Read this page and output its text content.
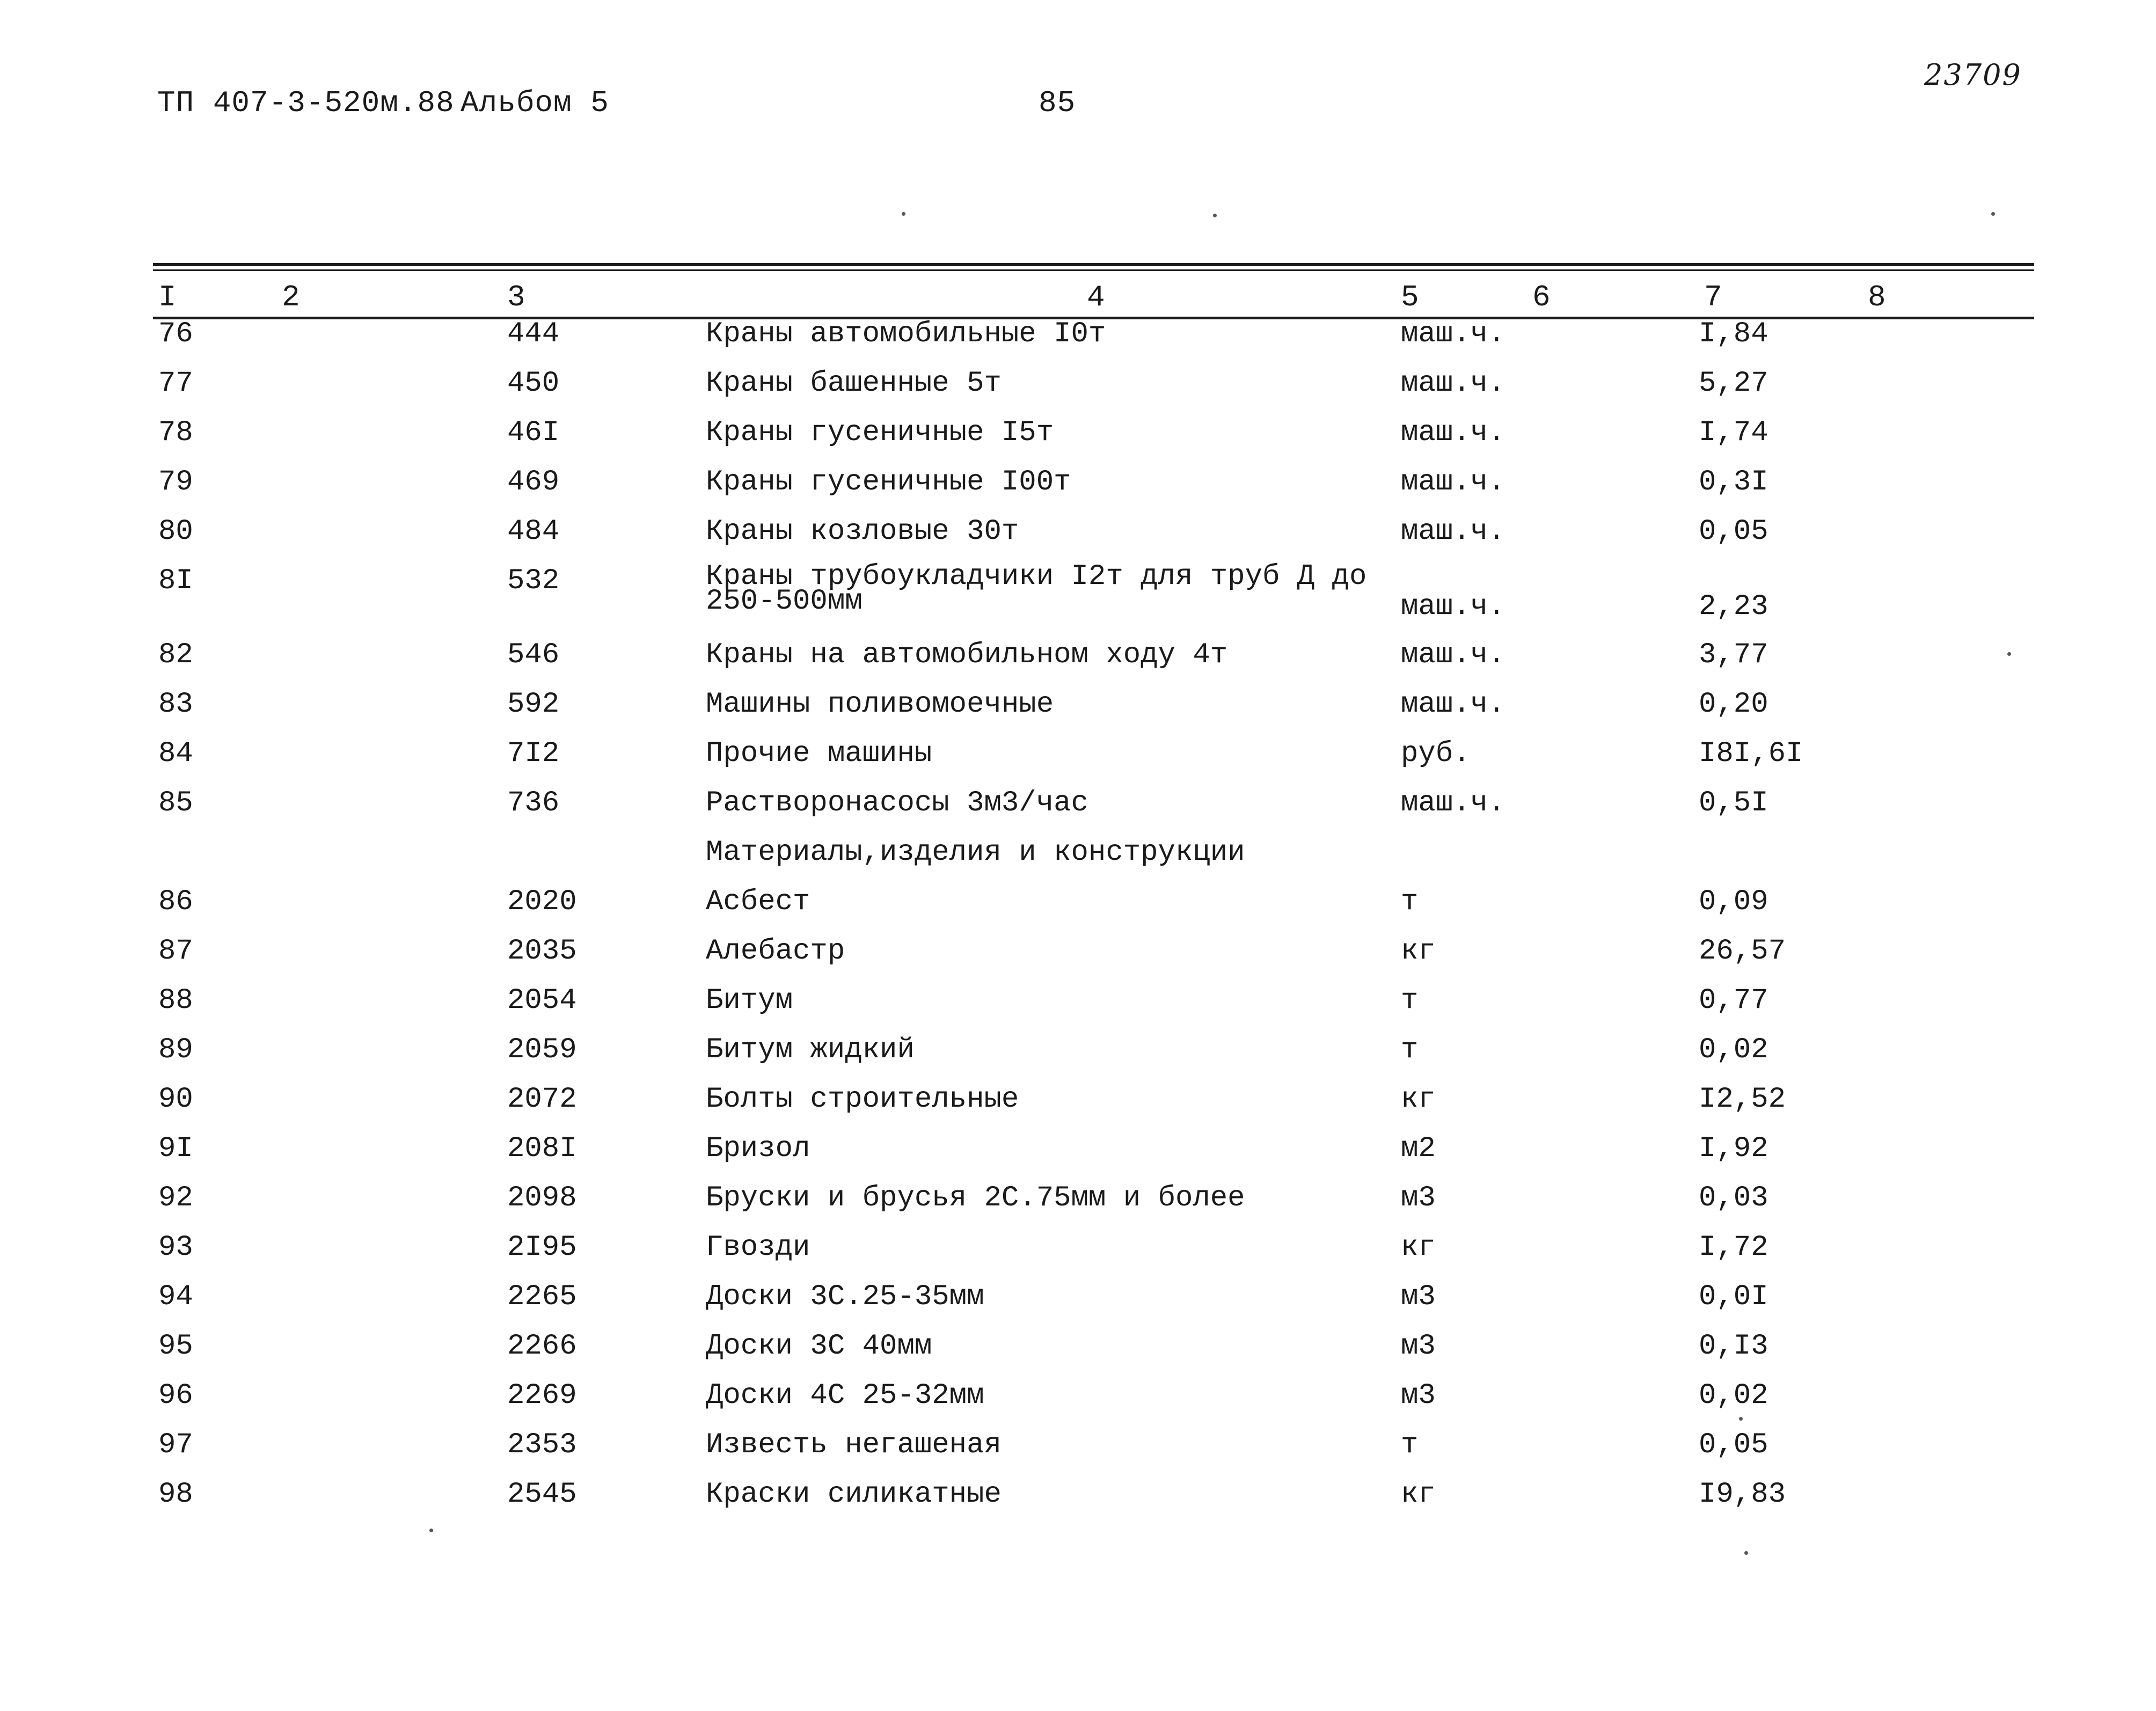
ТП 407-3-520м.88 Альбом 5	85
23709
I	2	3	4	5	6	7	8
76	444	Краны автомобильные I0т	маш.ч.	I,84
77	450	Краны башенные 5т	маш.ч.	5,27
78	46I	Краны гусеничные I5т	маш.ч.	I,74
79	469	Краны гусеничные I00т	маш.ч.	0,3I
80	484	Краны козловые 30т	маш.ч.	0,05
8I	532	Краны трубоукладчики I2т для труб Д до
250-500мм	маш.ч.	2,23
82	546	Краны на автомобильном ходу 4т	маш.ч.	3,77
83	592	Машины поливомоечные	маш.ч.	0,20
84	7I2	Прочие машины	руб.	I8I,6I
85	736	Растворонасосы 3м3/час	маш.ч.	0,5I
Материалы,изделия и конструкции
86	2020	Асбест	т	0,09
87	2035	Алебастр	кг	26,57
88	2054	Битум	т	0,77
89	2059	Битум жидкий	т	0,02
90	2072	Болты строительные	кг	I2,52
9I	208I	Бризол	м2	I,92
92	2098	Бруски и брусья 2С.75мм и более	м3	0,03
93	2I95	Гвозди	кг	I,72
94	2265	Доски 3С.25-35мм	м3	0,0I
95	2266	Доски 3С 40мм	м3	0,I3
96	2269	Доски 4С 25-32мм	м3	0,02
97	2353	Известь негашеная	т	0,05
98	2545	Краски силикатные	кг	I9,83
